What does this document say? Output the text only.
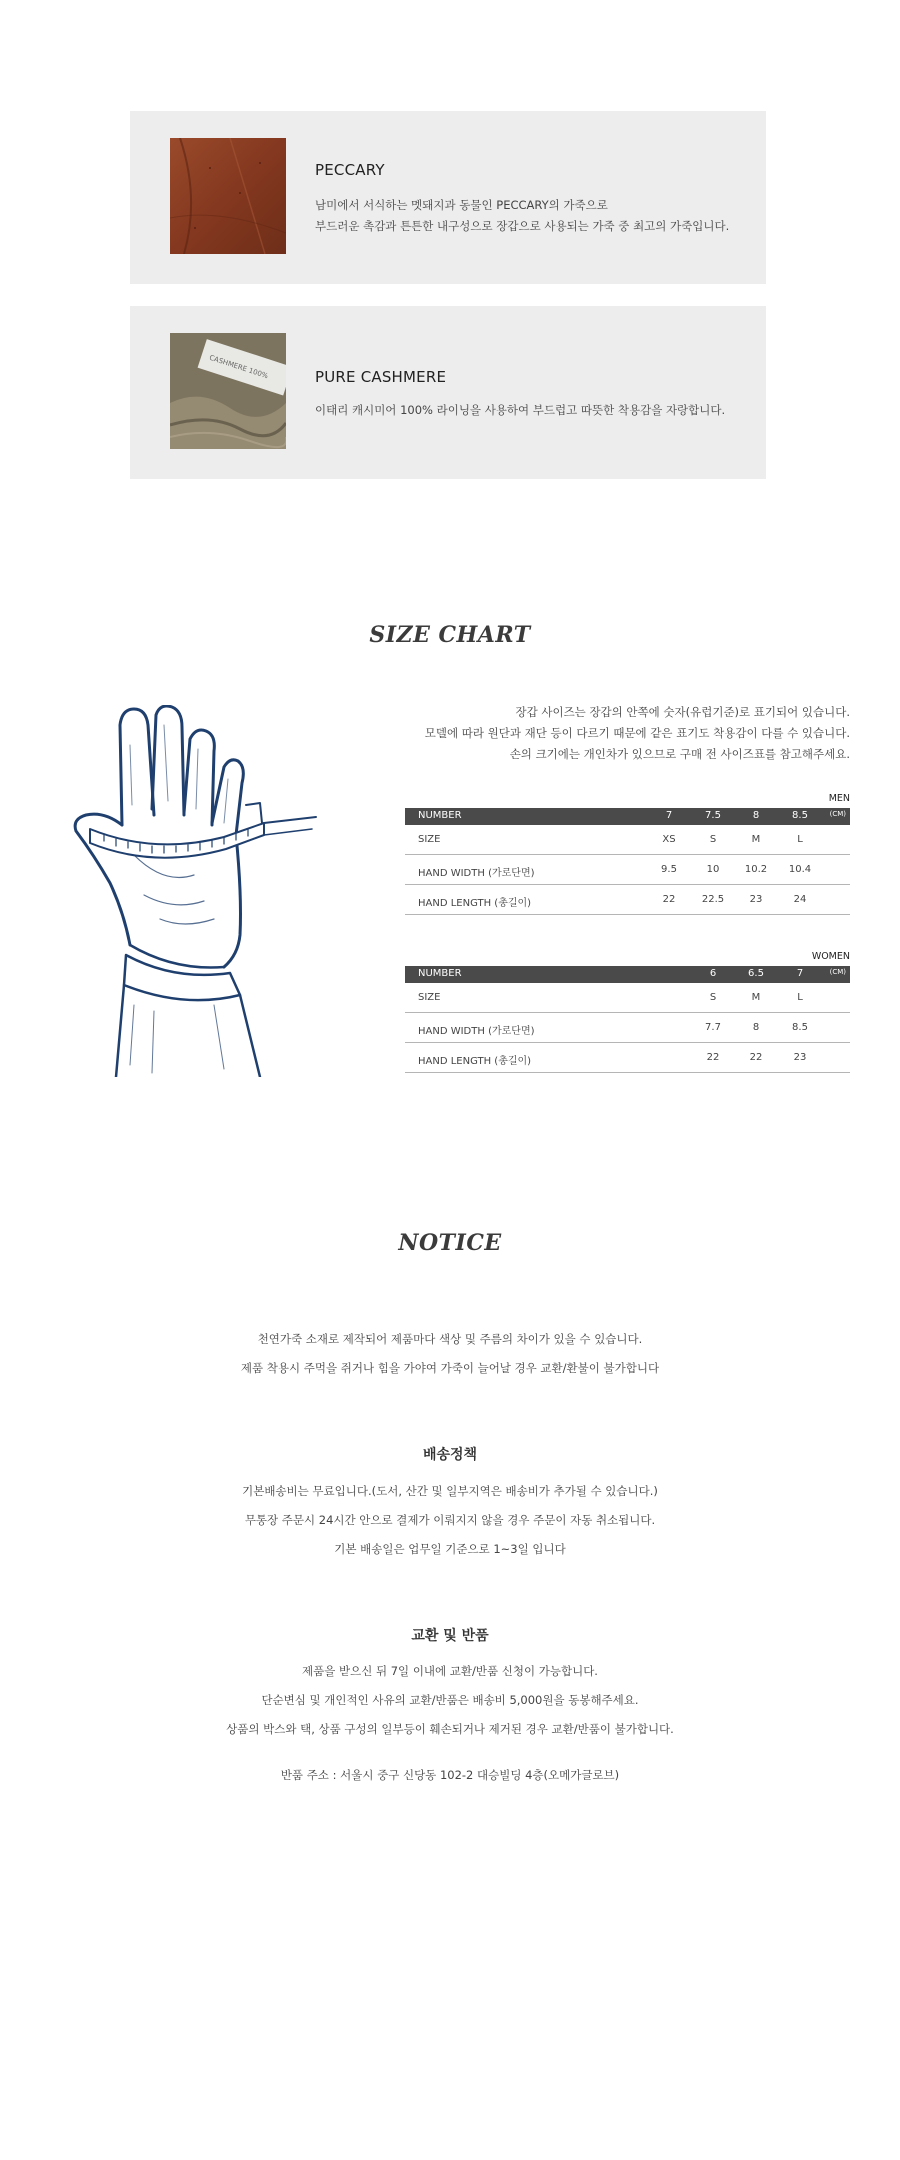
PECCARY
남미에서 서식하는 멧돼지과 동물인 PECCARY의 가죽으로
부드러운 촉감과 튼튼한 내구성으로 장갑으로 사용되는 가죽 중 최고의 가죽입니다.
CASHMERE 100%	PURE CASHMERE
이태리 캐시미어 100% 라이닝을 사용하여 부드럽고 따뜻한 착용감을 자랑합니다.
SIZE CHART
장갑 사이즈는 장갑의 안쪽에 숫자(유럽기준)로 표기되어 있습니다.
모델에 따라 원단과 재단 등이 다르기 때문에 같은 표기도 착용감이 다를 수 있습니다.
손의 크기에는 개인차가 있으므로 구매 전 사이즈표를 참고해주세요.
MEN
NUMBER	7	7.5	8	8.5	(CM)
SIZE	XS	S	M	L
HAND WIDTH (가로단면)	9.5	10	10.2	10.4
HAND LENGTH (총길이)	22	22.5	23	24
WOMEN
NUMBER	6	6.5	7	(CM)
SIZE	S	M	L
HAND WIDTH (가로단면)	7.7	8	8.5
HAND LENGTH (총길이)	22	22	23
NOTICE

천연가죽 소재로 제작되어 제품마다 색상 및 주름의 차이가 있을 수 있습니다.

제품 착용시 주먹을 쥐거나 힘을 가야여 가죽이 늘어날 경우 교환/환불이 불가합니다

배송정책

기본배송비는 무료입니다.(도서, 산간 및 일부지역은 배송비가 추가될 수 있습니다.)

무통장 주문시 24시간 안으로 결제가 이뤄지지 않을 경우 주문이 자동 취소됩니다.

기본 배송일은 업무일 기준으로 1~3일 입니다

교환 및 반품

제품을 받으신 뒤 7일 이내에 교환/반품 신청이 가능합니다.

단순변심 및 개인적인 사유의 교환/반품은 배송비 5,000원을 동봉해주세요.

상품의 박스와 택, 상품 구성의 일부등이 훼손되거나 제거된 경우 교환/반품이 불가합니다.

반품 주소 : 서울시 중구 신당동 102-2 대승빌딩 4층(오메가글로브)
